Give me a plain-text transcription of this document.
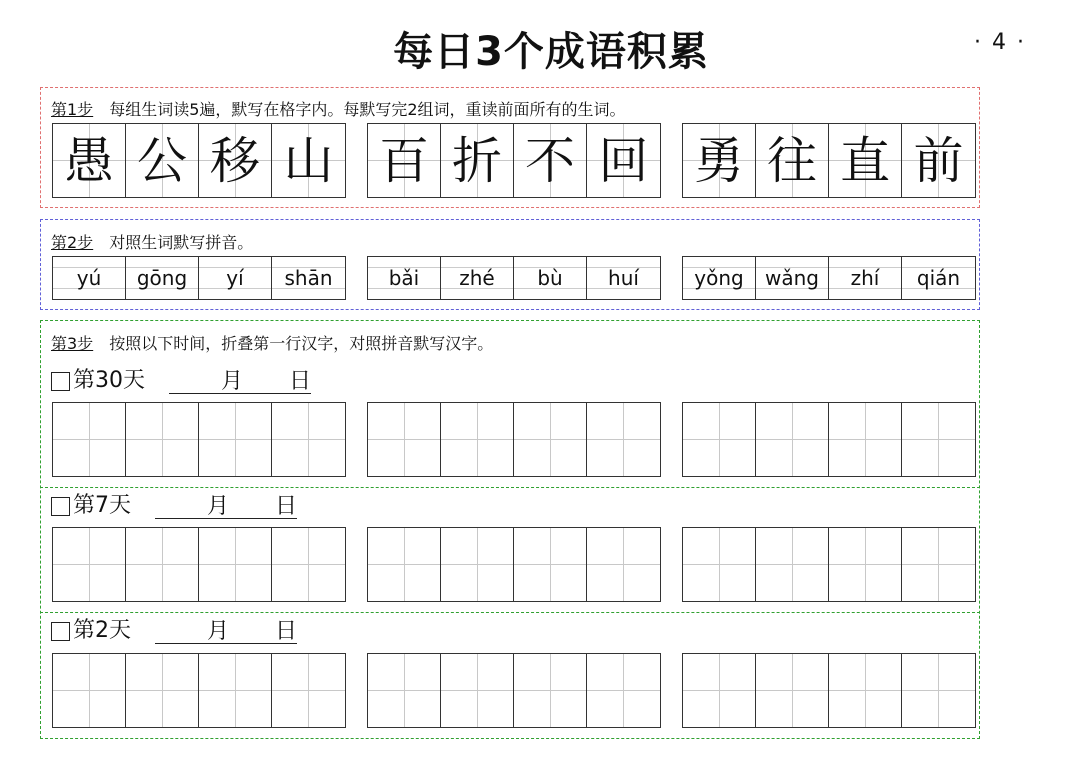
每日3个成语积累	· 4 ·
第1步 每组生词读5遍，默写在格字内。每默写完2组词，重读前面所有的生词。
愚 公 移 山 百 折 不 回 勇 往 直 前
第2步 对照生词默写拼音。
yú	gōng	yí	shān	bǎi	zhé	bù	huí	yǒng	wǎng	zhí	qián
第3步 按照以下时间，折叠第一行汉字，对照拼音默写汉字。
第30天	月 日
第7天	月 日
第2天	月 日
